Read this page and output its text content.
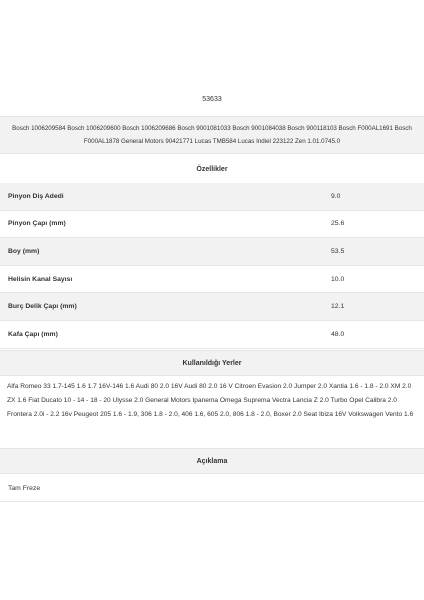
53633
Bosch 1006209584 Bosch 1006209600 Bosch 1006209686 Bosch 9001081033 Bosch 9001084038 Bosch 900118103 Bosch F000AL1691 Bosch F000AL1878 General Motors 90421771 Lucas TMB584 Lucas Indiel 223122 Zen 1.01.0745.0
Özellikler
Pinyon Diş Adedi	9.0
Pinyon Çapı (mm)	25.6
Boy (mm)	53.5
Helisin Kanal Sayısı	10.0
Burç Delik Çapı (mm)	12.1
Kafa Çapı (mm)	48.0
Kullanıldığı Yerler
Alfa Romeo 33 1.7-145 1.6 1.7 16V-146 1.6 Audi 80 2.0 16V Audi 80 2.0 16 V Citroen Evasion 2.0 Jumper 2.0 Xantia 1.6 - 1.8 - 2.0 XM 2.0 ZX 1.6 Fiat Ducato 10 - 14 - 18 - 20 Ulysse 2.0 General Motors Ipanema Omega Suprema Vectra Lancia Z 2.0 Turbo Opel Calibra 2.0 Frontera 2.0i - 2.2 16v Peugeot 205 1.6 - 1.9, 306 1.8 - 2.0, 406 1.6, 605 2.0, 806 1.8 - 2.0, Boxer 2.0 Seat Ibiza 16V Volkswagen Vento 1.6
Açıklama
Tam Freze
